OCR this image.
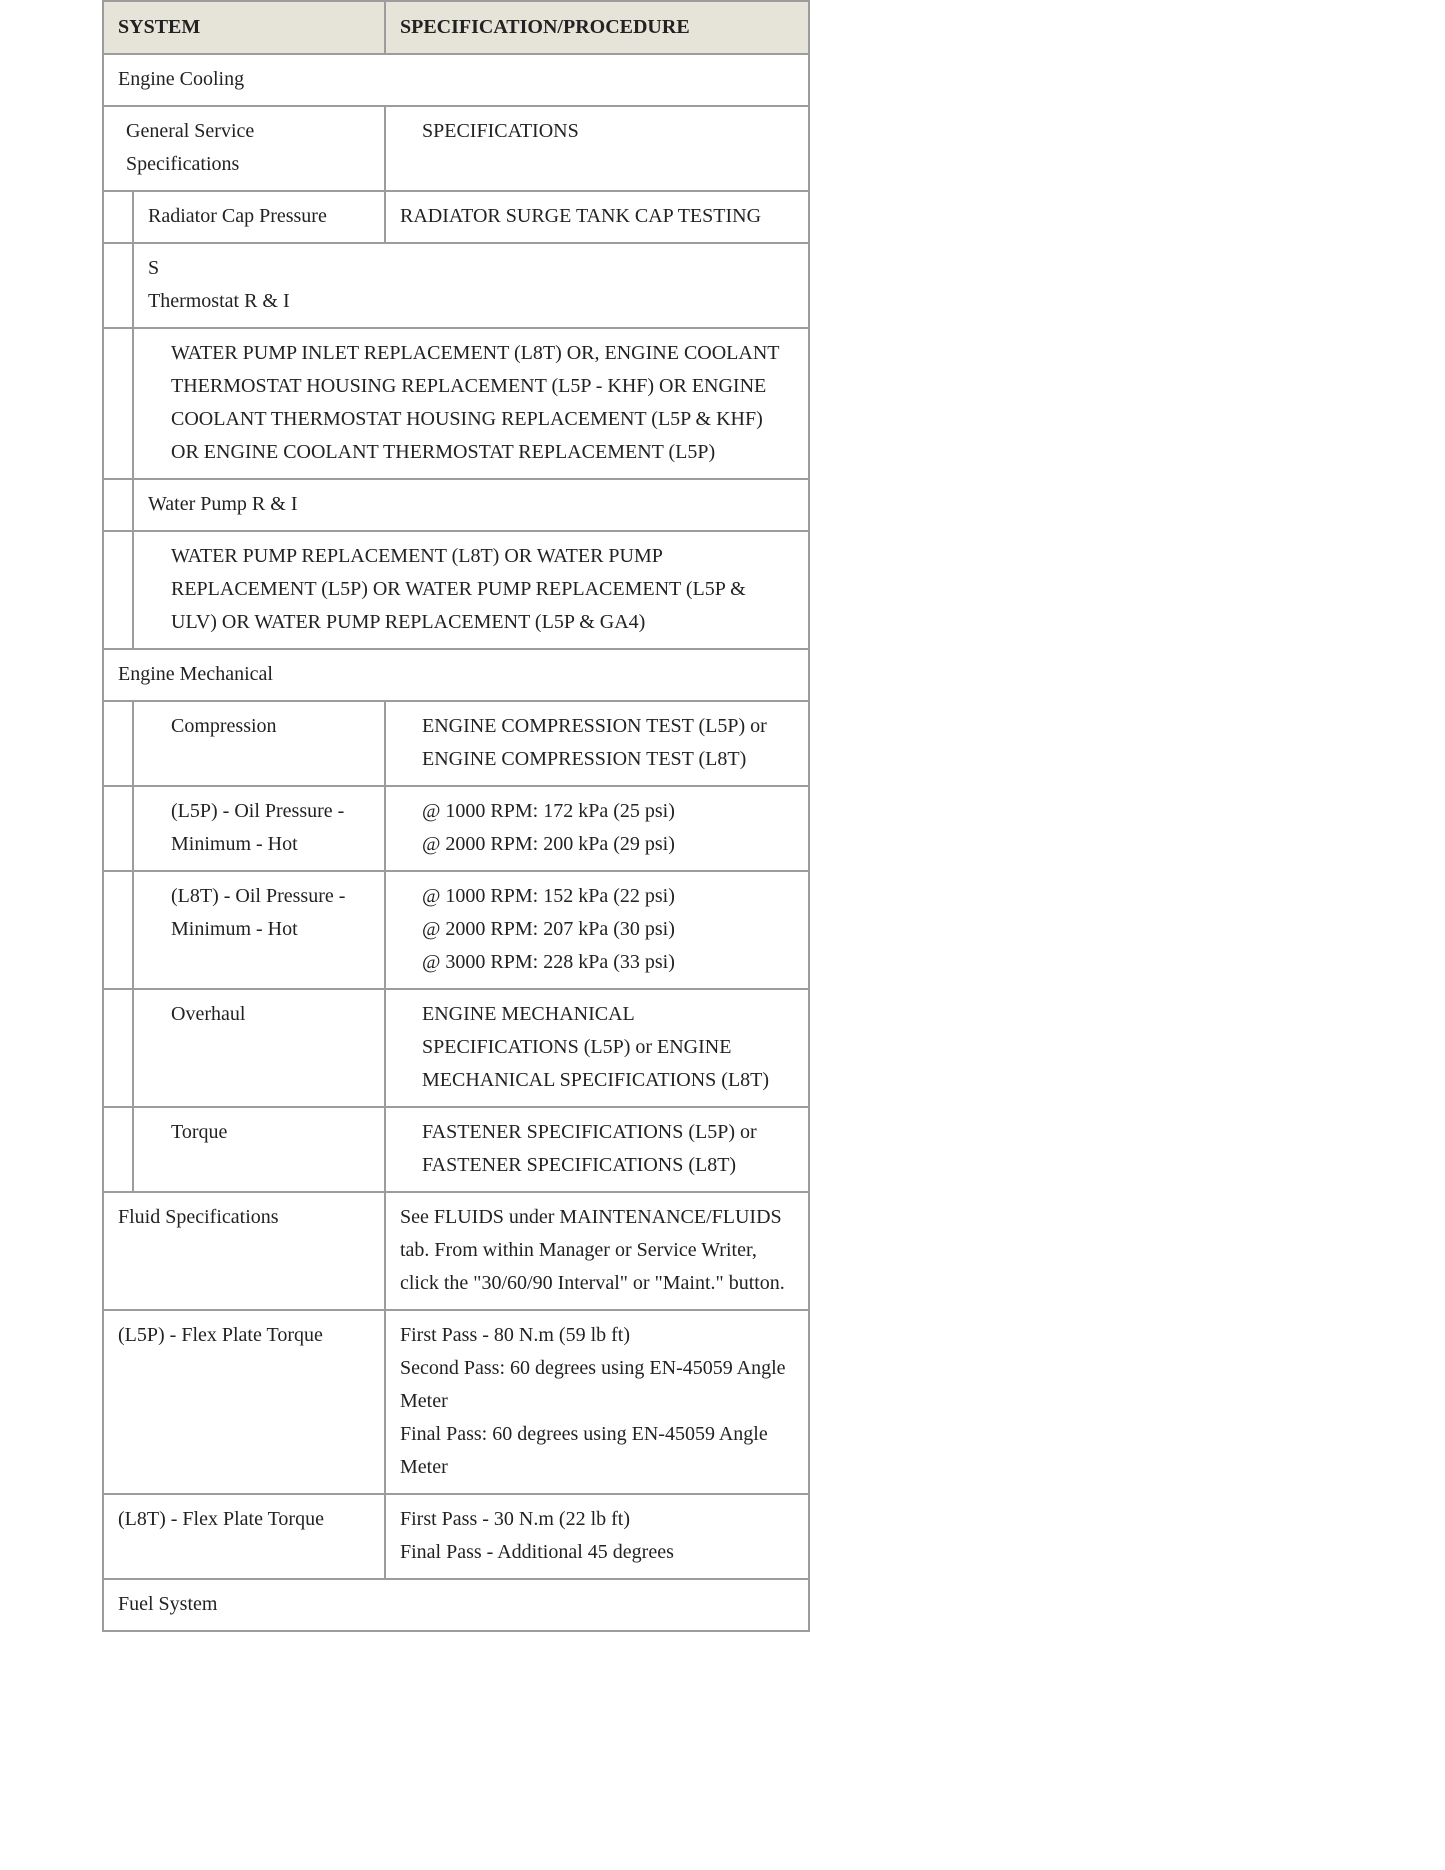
SYSTEM		SPECIFICATION/PROCEDURE
Engine Cooling		
General Service Specifications		SPECIFICATIONS
	Radiator Cap Pressure	RADIATOR SURGE TANK CAP TESTING

	S
Thermostat R & I	

	WATER PUMP INLET REPLACEMENT (L8T) OR, ENGINE COOLANT THERMOSTAT HOUSING REPLACEMENT (L5P - KHF) OR ENGINE COOLANT THERMOSTAT HOUSING REPLACEMENT (L5P & KHF) OR ENGINE COOLANT THERMOSTAT REPLACEMENT (L5P)	
	Water Pump R & I	
	WATER PUMP REPLACEMENT (L8T) OR WATER PUMP REPLACEMENT (L5P) OR WATER PUMP REPLACEMENT (L5P & ULV) OR WATER PUMP REPLACEMENT (L5P & GA4)	
Engine Mechanical		
	Compression	ENGINE COMPRESSION TEST (L5P) or ENGINE COMPRESSION TEST (L8T)
	(L5P) - Oil Pressure - Minimum - Hot	@ 1000 RPM: 172 kPa (25 psi)
@ 2000 RPM: 200 kPa (29 psi)

	(L8T) - Oil Pressure - Minimum - Hot	@ 1000 RPM: 152 kPa (22 psi)
@ 2000 RPM: 207 kPa (30 psi)
@ 3000 RPM: 228 kPa (33 psi)

	Overhaul	ENGINE MECHANICAL SPECIFICATIONS (L5P) or ENGINE MECHANICAL SPECIFICATIONS (L8T)
	Torque	FASTENER SPECIFICATIONS (L5P) or FASTENER SPECIFICATIONS (L8T)
Fluid Specifications		See FLUIDS under MAINTENANCE/FLUIDS tab. From within Manager or Service Writer, click the "30/60/90 Interval" or "Maint." button.
(L5P) - Flex Plate Torque		First Pass - 80 N.m (59 lb ft)
Second Pass: 60 degrees using EN-45059 Angle Meter
Final Pass: 60 degrees using EN-45059 Angle Meter

(L8T) - Flex Plate Torque		First Pass - 30 N.m (22 lb ft)
Final Pass - Additional 45 degrees

Fuel System		
